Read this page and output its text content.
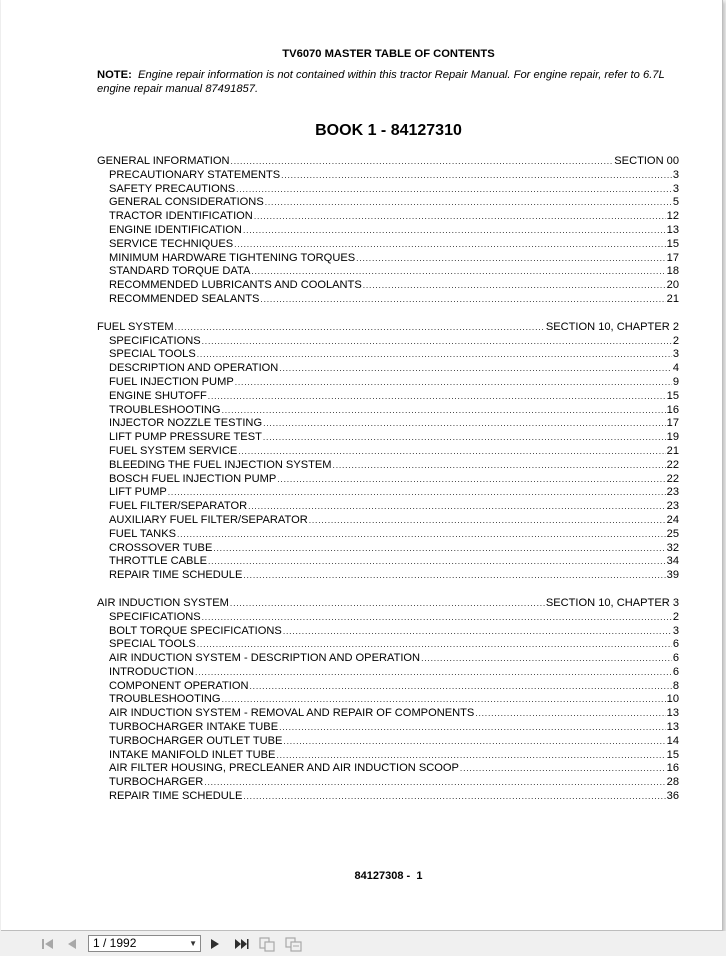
TV6070 MASTER TABLE OF CONTENTS
NOTE: Engine repair information is not contained within this tractor Repair Manual. For engine repair, refer to 6.7L engine repair manual 87491857.
BOOK 1 - 84127310
GENERAL INFORMATION .....	SECTION 00
PRECAUTIONARY STATEMENTS .....	3
SAFETY PRECAUTIONS .....	3
GENERAL CONSIDERATIONS .....	5
TRACTOR IDENTIFICATION .....	12
ENGINE IDENTIFICATION .....	13
SERVICE TECHNIQUES .....	15
MINIMUM HARDWARE TIGHTENING TORQUES .....	17
STANDARD TORQUE DATA .....	18
RECOMMENDED LUBRICANTS AND COOLANTS .....	20
RECOMMENDED SEALANTS .....	21
FUEL SYSTEM .....	SECTION 10, CHAPTER 2
SPECIFICATIONS .....	2
SPECIAL TOOLS .....	3
DESCRIPTION AND OPERATION .....	4
FUEL INJECTION PUMP .....	9
ENGINE SHUTOFF .....	15
TROUBLESHOOTING .....	16
INJECTOR NOZZLE TESTING .....	17
LIFT PUMP PRESSURE TEST .....	19
FUEL SYSTEM SERVICE .....	21
BLEEDING THE FUEL INJECTION SYSTEM .....	22
BOSCH FUEL INJECTION PUMP .....	22
LIFT PUMP .....	23
FUEL FILTER/SEPARATOR .....	23
AUXILIARY FUEL FILTER/SEPARATOR .....	24
FUEL TANKS .....	25
CROSSOVER TUBE .....	32
THROTTLE CABLE .....	34
REPAIR TIME SCHEDULE .....	39
AIR INDUCTION SYSTEM .....	SECTION 10, CHAPTER 3
SPECIFICATIONS .....	2
BOLT TORQUE SPECIFICATIONS .....	3
SPECIAL TOOLS .....	6
AIR INDUCTION SYSTEM - DESCRIPTION AND OPERATION .....	6
INTRODUCTION .....	6
COMPONENT OPERATION .....	8
TROUBLESHOOTING .....	10
AIR INDUCTION SYSTEM - REMOVAL AND REPAIR OF COMPONENTS .....	13
TURBOCHARGER INTAKE TUBE .....	13
TURBOCHARGER OUTLET TUBE .....	14
INTAKE MANIFOLD INLET TUBE .....	15
AIR FILTER HOUSING, PRECLEANER AND AIR INDUCTION SCOOP .....	16
TURBOCHARGER .....	28
REPAIR TIME SCHEDULE .....	36
84127308 -  1
1 / 1992	▼
